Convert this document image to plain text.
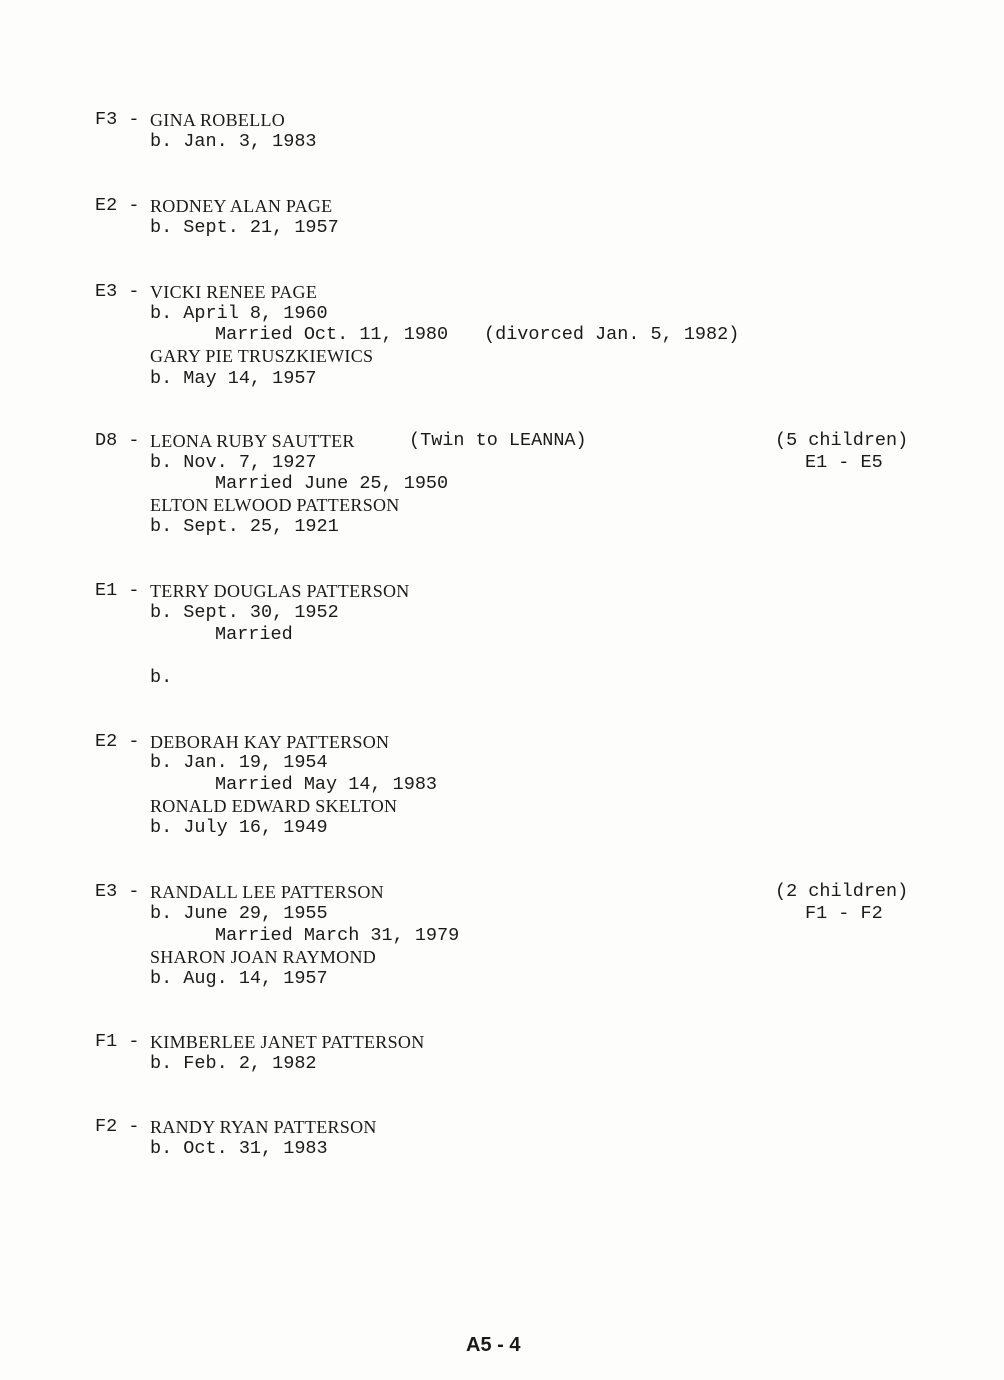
F3 - GINA ROBELLO
b. Jan. 3, 1983
E2 - RODNEY ALAN PAGE
b. Sept. 21, 1957
E3 - VICKI RENEE PAGE
b. April 8, 1960
Married Oct. 11, 1980 (divorced Jan. 5, 1982)
GARY PIE TRUSZKIEWICS
b. May 14, 1957
D8 - LEONA RUBY SAUTTER	(Twin to LEANNA)	(5 children)
E1 - E5
b. Nov. 7, 1927
Married June 25, 1950
ELTON ELWOOD PATTERSON
b. Sept. 25, 1921
E1 - TERRY DOUGLAS PATTERSON
b. Sept. 30, 1952
Married
b.
E2 - DEBORAH KAY PATTERSON
b. Jan. 19, 1954
Married May 14, 1983
RONALD EDWARD SKELTON
b. July 16, 1949
E3 - RANDALL LEE PATTERSON	(2 children)
F1 - F2
b. June 29, 1955
Married March 31, 1979
SHARON JOAN RAYMOND
b. Aug. 14, 1957
F1 - KIMBERLEE JANET PATTERSON
b. Feb. 2, 1982
F2 - RANDY RYAN PATTERSON
b. Oct. 31, 1983
A5 - 4
